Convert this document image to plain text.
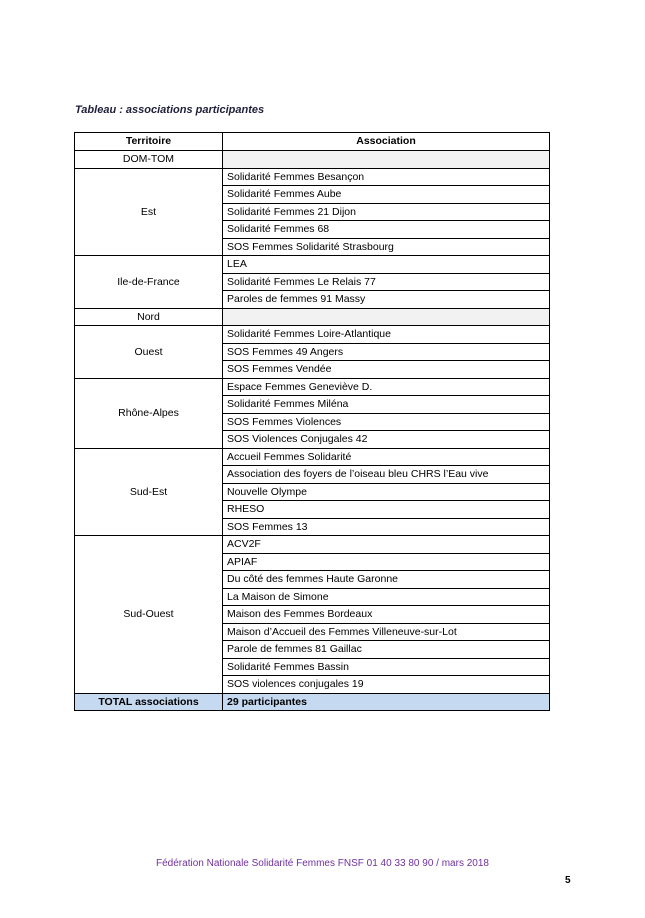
Tableau : associations participantes
Territoire	Association
DOM-TOM	
Est	Solidarité Femmes Besançon
	Solidarité Femmes Aube
	Solidarité Femmes 21 Dijon
	Solidarité Femmes 68
	SOS Femmes Solidarité Strasbourg
Ile-de-France	LEA
	Solidarité Femmes Le Relais 77
	Paroles de femmes 91 Massy
Nord	
Ouest	Solidarité Femmes Loire-Atlantique
	SOS Femmes 49 Angers
	SOS Femmes Vendée
Rhône-Alpes	Espace Femmes Geneviève D.
	Solidarité Femmes Miléna
	SOS Femmes Violences
	SOS Violences Conjugales 42
Sud-Est	Accueil Femmes Solidarité
	Association des foyers de l’oiseau bleu CHRS l’Eau vive
	Nouvelle Olympe
	RHESO
	SOS Femmes 13
Sud-Ouest	ACV2F
	APIAF
	Du côté des femmes Haute Garonne
	La Maison de Simone
	Maison des Femmes Bordeaux
	Maison d’Accueil des Femmes Villeneuve-sur-Lot
	Parole de femmes 81 Gaillac
	Solidarité Femmes Bassin
	SOS violences conjugales 19
TOTAL associations	29 participantes
Fédération Nationale Solidarité Femmes FNSF 01 40 33 80 90 / mars 2018
5
